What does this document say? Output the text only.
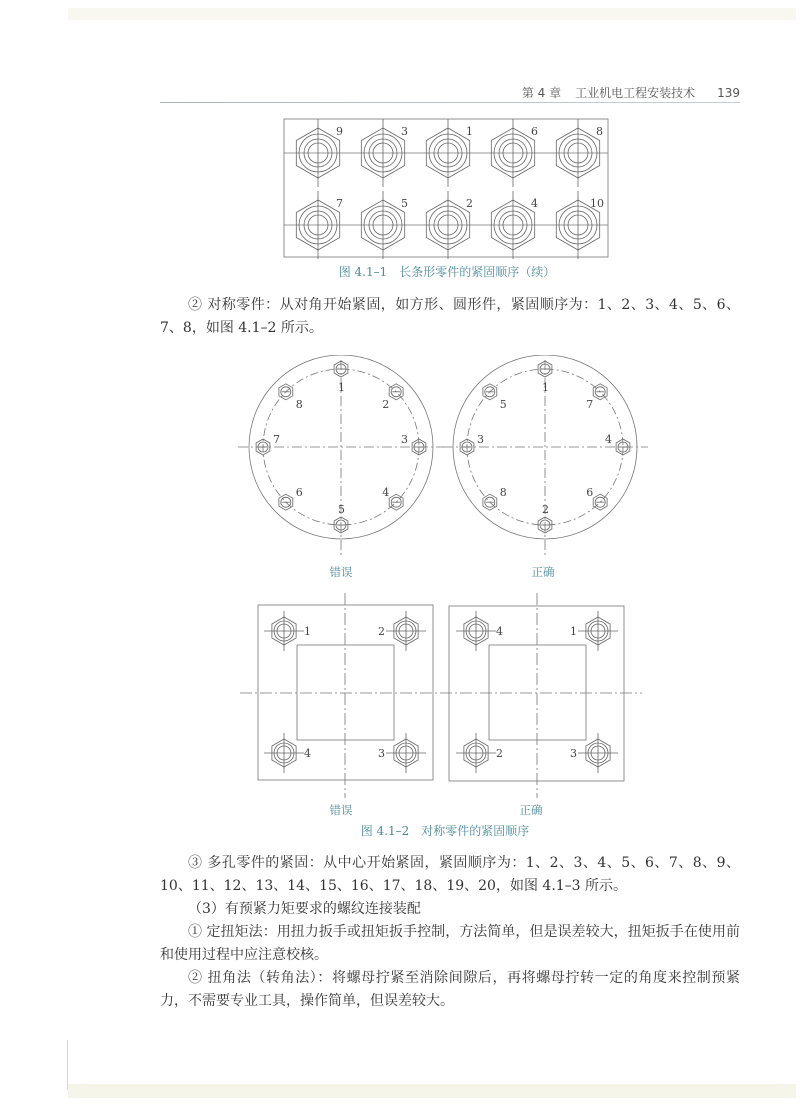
第 4 章 工业机电工程安装技术 139
9	3	1	6	8
7	5	2	4	10
图 4.1–1　长条形零件的紧固顺序（续）
② 对称零件：从对角开始紧固，如方形、圆形件，紧固顺序为：1、2、3、4、5、6、7、8，如图 4.1–2 所示。
1
2
3
4
5
6
7
8
1
7
4
6
2
8
3
5
错误	正确
1	2
3
4
4	1
3
2
错误	正确
图 4.1–2　对称零件的紧固顺序
③ 多孔零件的紧固：从中心开始紧固，紧固顺序为：1、2、3、4、5、6、7、8、9、10、11、12、13、14、15、16、17、18、19、20，如图 4.1–3 所示。
（3）有预紧力矩要求的螺纹连接装配
① 定扭矩法：用扭力扳手或扭矩扳手控制，方法简单，但是误差较大，扭矩扳手在使用前和使用过程中应注意校核。
② 扭角法（转角法）：将螺母拧紧至消除间隙后，再将螺母拧转一定的角度来控制预紧力，不需要专业工具，操作简单，但误差较大。
